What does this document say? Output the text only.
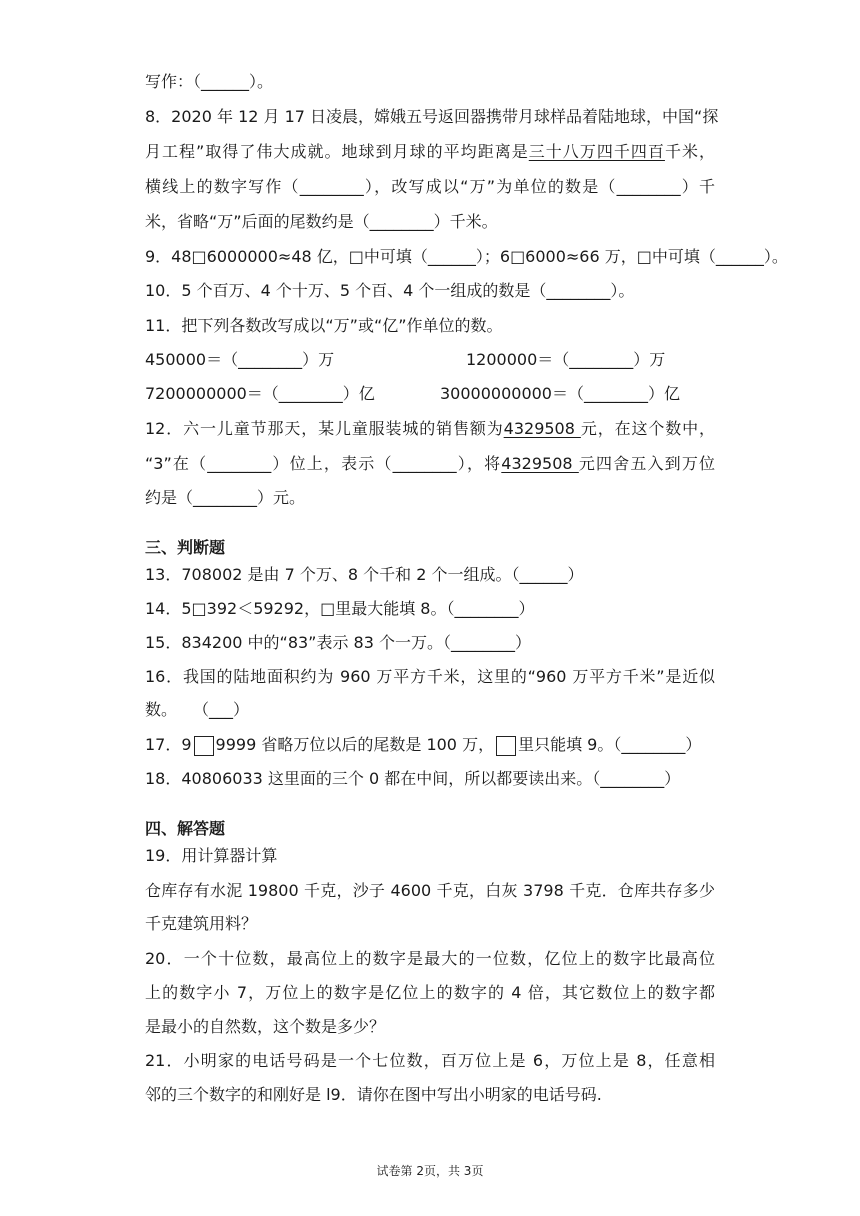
写作：（______）。
8．2020 年 12 月 17 日凌晨，嫦娥五号返回器携带月球样品着陆地球，中国“探
月工程”取得了伟大成就。地球到月球的平均距离是三十八万四千四百千米，
横线上的数字写作（________），改写成以“万”为单位的数是（________）千
米，省略“万”后面的尾数约是（________）千米。
9．48□6000000≈48 亿，□中可填（______）；6□6000≈66 万，□中可填（______）。
10．5 个百万、4 个十万、5 个百、4 个一组成的数是（________）。
11．把下列各数改写成以“万”或“亿”作单位的数。
450000＝（________）万	1200000＝（________）万
7200000000＝（________）亿	30000000000＝（________）亿
12．六一儿童节那天，某儿童服装城的销售额为4329508 元，在这个数中，
“3”在（________）位上，表示（________），将4329508 元四舍五入到万位
约是（________）元。
三、判断题
13．708002 是由 7 个万、8 个千和 2 个一组成。（______）
14．5□392＜59292，□里最大能填 8。（________）
15．834200 中的“83”表示 83 个一万。（________）
16．我国的陆地面积约为 960 万平方千米，这里的“960 万平方千米”是近似
数。　　（___）
17．9 9999 省略万位以后的尾数是 100 万， 里只能填 9。（________）
18．40806033 这里面的三个 0 都在中间，所以都要读出来。（________）
四、解答题
19．用计算器计算
仓库存有水泥 19800 千克，沙子 4600 千克，白灰 3798 千克．仓库共存多少
千克建筑用料？
20．一个十位数，最高位上的数字是最大的一位数，亿位上的数字比最高位
上的数字小 7，万位上的数字是亿位上的数字的 4 倍，其它数位上的数字都
是最小的自然数，这个数是多少？
21．小明家的电话号码是一个七位数，百万位上是 6，万位上是 8，任意相
邻的三个数字的和刚好是 l9．请你在图中写出小明家的电话号码.
试卷第 2页，共 3页
